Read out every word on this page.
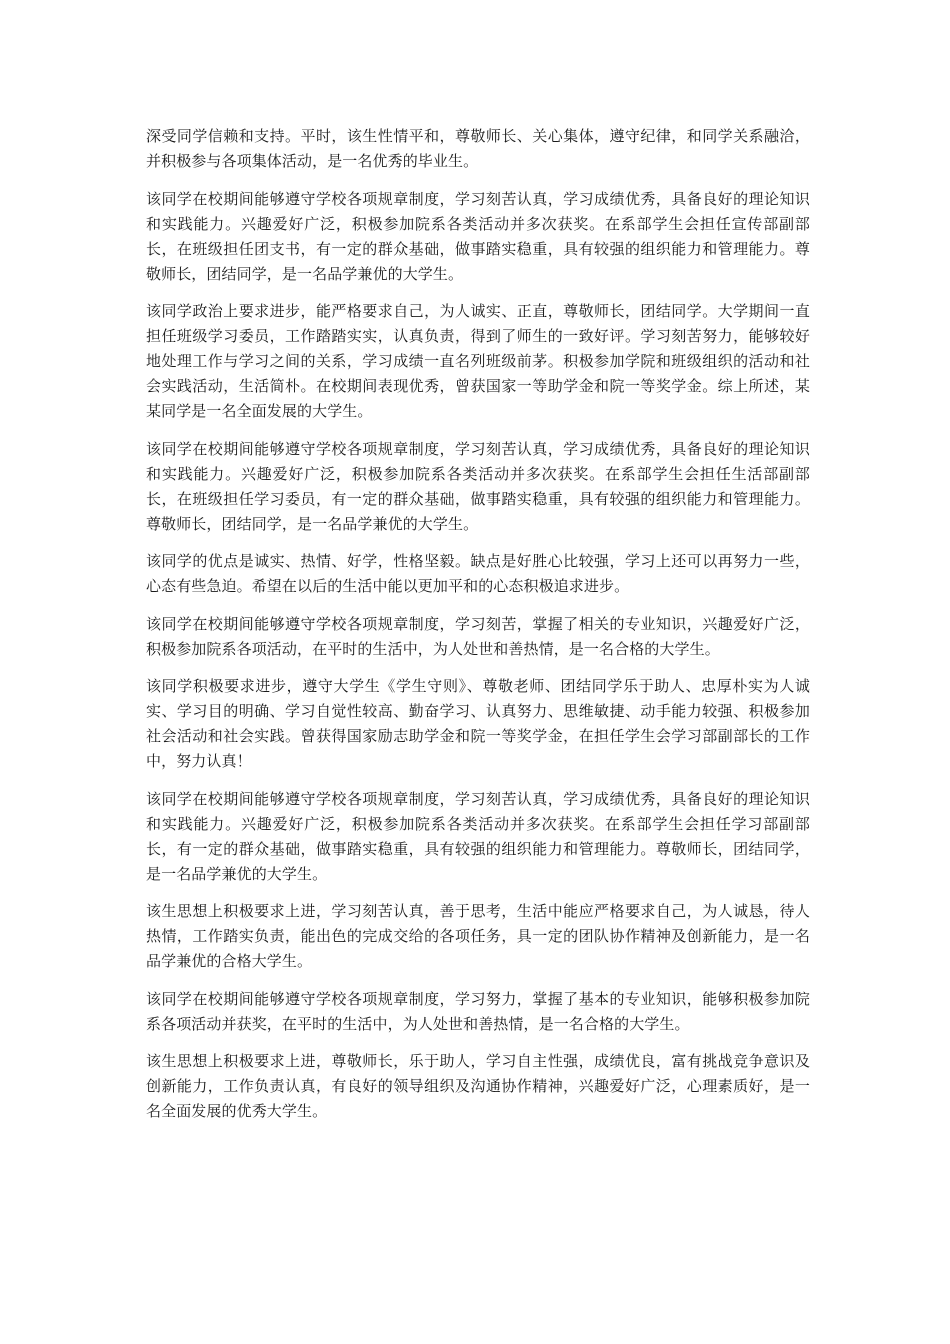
深受同学信赖和支持。平时，该生性情平和，尊敬师长、关心集体，遵守纪律，和同学关系融洽，并积极参与各项集体活动，是一名优秀的毕业生。

该同学在校期间能够遵守学校各项规章制度，学习刻苦认真，学习成绩优秀，具备良好的理论知识和实践能力。兴趣爱好广泛，积极参加院系各类活动并多次获奖。在系部学生会担任宣传部副部长，在班级担任团支书，有一定的群众基础，做事踏实稳重，具有较强的组织能力和管理能力。尊敬师长，团结同学，是一名品学兼优的大学生。

该同学政治上要求进步，能严格要求自己，为人诚实、正直，尊敬师长，团结同学。大学期间一直担任班级学习委员，工作踏踏实实，认真负责，得到了师生的一致好评。学习刻苦努力，能够较好地处理工作与学习之间的关系，学习成绩一直名列班级前茅。积极参加学院和班级组织的活动和社会实践活动，生活简朴。在校期间表现优秀，曾获国家一等助学金和院一等奖学金。综上所述，某某同学是一名全面发展的大学生。

该同学在校期间能够遵守学校各项规章制度，学习刻苦认真，学习成绩优秀，具备良好的理论知识和实践能力。兴趣爱好广泛，积极参加院系各类活动并多次获奖。在系部学生会担任生活部副部长，在班级担任学习委员，有一定的群众基础，做事踏实稳重，具有较强的组织能力和管理能力。尊敬师长，团结同学，是一名品学兼优的大学生。

该同学的优点是诚实、热情、好学，性格坚毅。缺点是好胜心比较强，学习上还可以再努力一些，心态有些急迫。希望在以后的生活中能以更加平和的心态积极追求进步。

该同学在校期间能够遵守学校各项规章制度，学习刻苦，掌握了相关的专业知识，兴趣爱好广泛，积极参加院系各项活动，在平时的生活中，为人处世和善热情，是一名合格的大学生。

该同学积极要求进步，遵守大学生《学生守则》、尊敬老师、团结同学乐于助人、忠厚朴实为人诚实、学习目的明确、学习自觉性较高、勤奋学习、认真努力、思维敏捷、动手能力较强、积极参加社会活动和社会实践。曾获得国家励志助学金和院一等奖学金，在担任学生会学习部副部长的工作中，努力认真！

该同学在校期间能够遵守学校各项规章制度，学习刻苦认真，学习成绩优秀，具备良好的理论知识和实践能力。兴趣爱好广泛，积极参加院系各类活动并多次获奖。在系部学生会担任学习部副部长，有一定的群众基础，做事踏实稳重，具有较强的组织能力和管理能力。尊敬师长，团结同学，是一名品学兼优的大学生。

该生思想上积极要求上进，学习刻苦认真，善于思考，生活中能应严格要求自己，为人诚恳，待人热情，工作踏实负责，能出色的完成交给的各项任务，具一定的团队协作精神及创新能力，是一名品学兼优的合格大学生。

该同学在校期间能够遵守学校各项规章制度，学习努力，掌握了基本的专业知识，能够积极参加院系各项活动并获奖，在平时的生活中，为人处世和善热情，是一名合格的大学生。

该生思想上积极要求上进，尊敬师长，乐于助人，学习自主性强，成绩优良，富有挑战竞争意识及创新能力，工作负责认真，有良好的领导组织及沟通协作精神，兴趣爱好广泛，心理素质好，是一名全面发展的优秀大学生。
